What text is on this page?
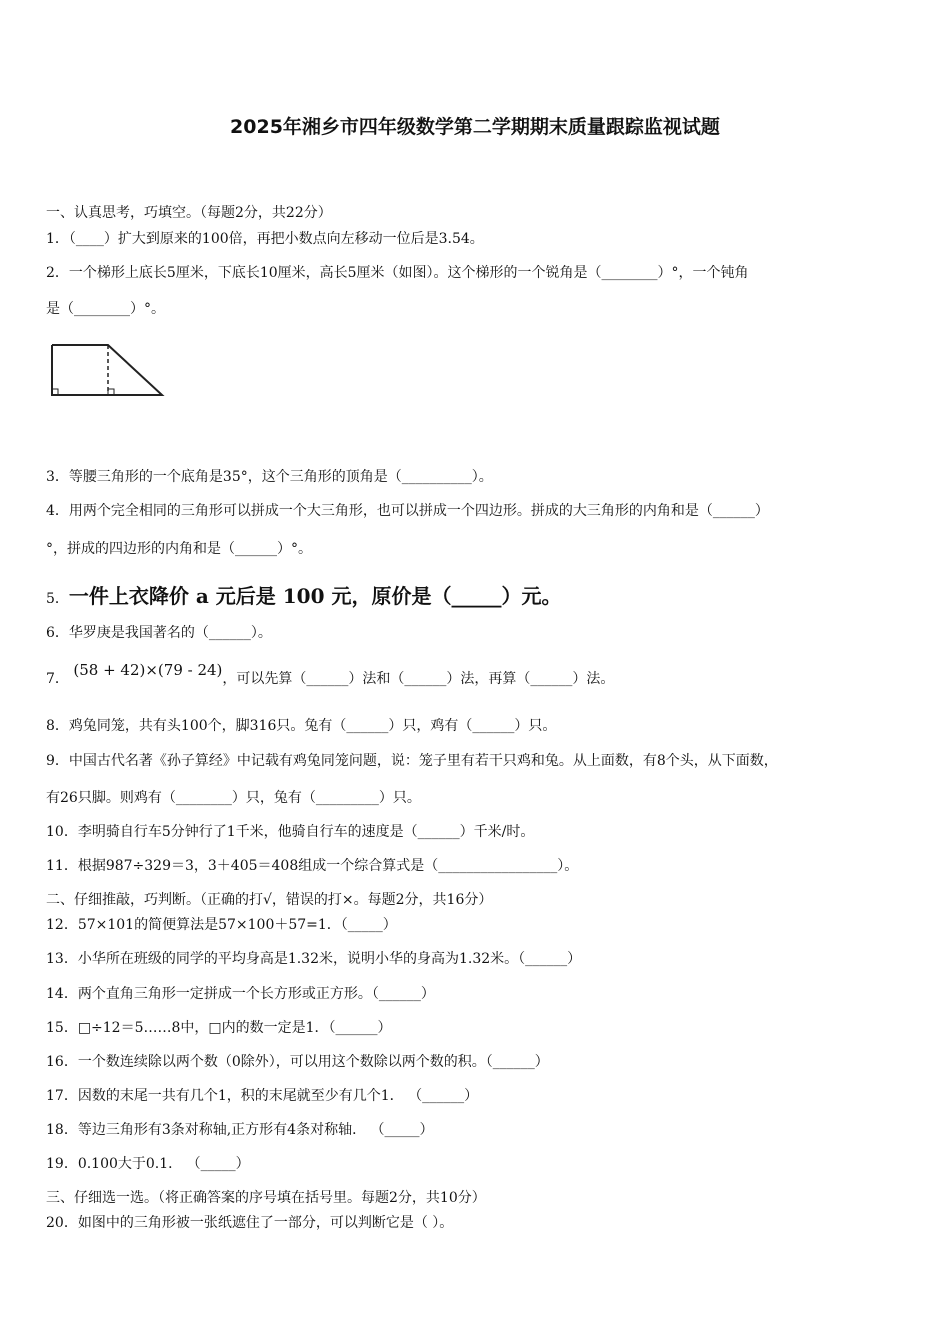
2025年湘乡市四年级数学第二学期期末质量跟踪监视试题
一、认真思考，巧填空。（每题2分，共22分）
1．（____）扩大到原来的100倍，再把小数点向左移动一位后是3.54。
2．一个梯形上底长5厘米，下底长10厘米，高长5厘米（如图）。这个梯形的一个锐角是（________）°，一个钝角
是（________）°。
3．等腰三角形的一个底角是35°，这个三角形的顶角是（__________）。
4．用两个完全相同的三角形可以拼成一个大三角形，也可以拼成一个四边形。拼成的大三角形的内角和是（______）
°，拼成的四边形的内角和是（______）°。
5．一件上衣降价 a 元后是 100 元，原价是（_____）元。
6．华罗庚是我国著名的（______）。
7． (58 + 42)×(79 - 24)，可以先算（______）法和（______）法，再算（______）法。
8．鸡兔同笼，共有头100个，脚316只。兔有（______）只，鸡有（______）只。
9．中国古代名著《孙子算经》中记载有鸡兔同笼问题，说：笼子里有若干只鸡和兔。从上面数，有8个头，从下面数，
有26只脚。则鸡有（________）只，兔有（_________）只。
10．李明骑自行车5分钟行了1千米，他骑自行车的速度是（______）千米/时。
11．根据987÷329＝3，3＋405＝408组成一个综合算式是（_________________）。
二、仔细推敲，巧判断。（正确的打√，错误的打×。每题2分，共16分）
12．57×101的简便算法是57×100＋57=1．（_____）
13．小华所在班级的同学的平均身高是1.32米，说明小华的身高为1.32米。（______）
14．两个直角三角形一定拼成一个长方形或正方形。（______）
15．□÷12＝5……8中，□内的数一定是1．（______）
16．一个数连续除以两个数（0除外），可以用这个数除以两个数的积。（______）
17．因数的末尾一共有几个1，积的末尾就至少有几个1． （______）
18．等边三角形有3条对称轴,正方形有4条对称轴． （_____）
19．0.100大于0.1． （_____）
三、仔细选一选。（将正确答案的序号填在括号里。每题2分，共10分）
20．如图中的三角形被一张纸遮住了一部分，可以判断它是（ ）。
